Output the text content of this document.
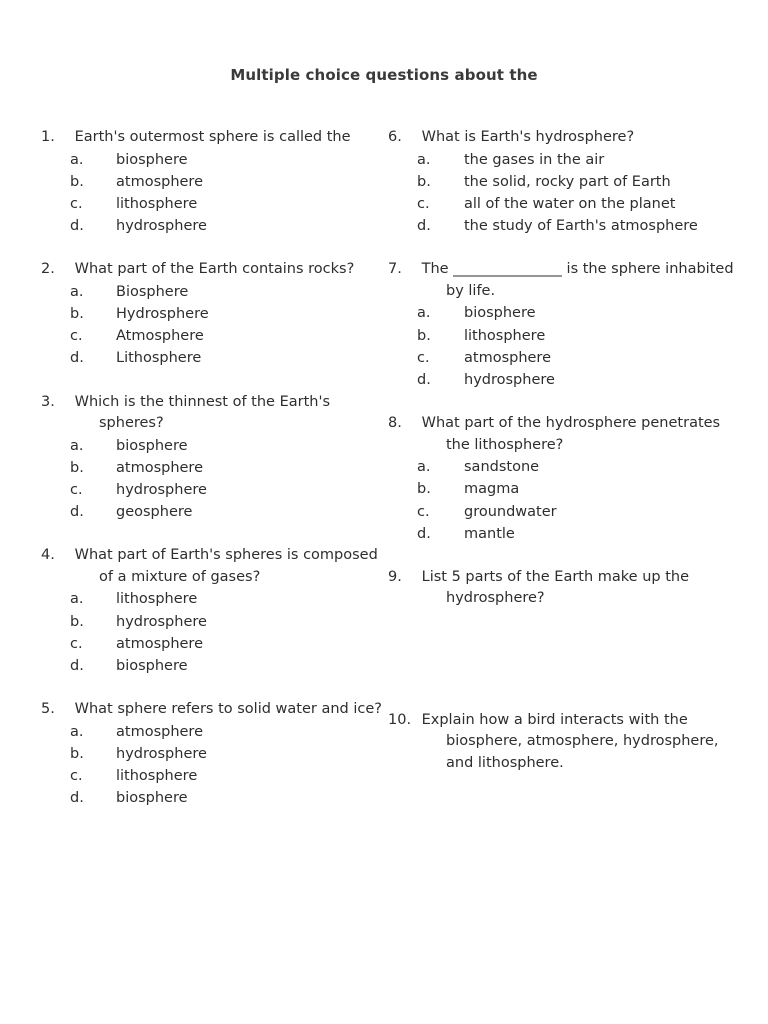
Multiple choice questions about the
1. Earth's outermost sphere is called the
a.	biosphere
b.	atmosphere
c.	lithosphere
d.	hydrosphere
2. What part of the Earth contains rocks?
a.	Biosphere
b.	Hydrosphere
c.	Atmosphere
d.	Lithosphere
3. Which is the thinnest of the Earth's spheres?
a.	biosphere
b.	atmosphere
c.	hydrosphere
d.	geosphere
4. What part of Earth's spheres is composed of a mixture of gases?
a.	lithosphere
b.	hydrosphere
c.	atmosphere
d.	biosphere
5. What sphere refers to solid water and ice?
a.	atmosphere
b.	hydrosphere
c.	lithosphere
d.	biosphere
6. What is Earth's hydrosphere?
a.	the gases in the air
b.	the solid, rocky part of Earth
c.	all of the water on the planet
d.	the study of Earth's atmosphere
7. The _______________ is the sphere inhabited by life.
a.	biosphere
b.	lithosphere
c.	atmosphere
d.	hydrosphere
8. What part of the hydrosphere penetrates the lithosphere?
a.	sandstone
b.	magma
c.	groundwater
d.	mantle
9. List 5 parts of the Earth make up the hydrosphere?
10. Explain how a bird interacts with the biosphere, atmosphere, hydrosphere, and lithosphere.
